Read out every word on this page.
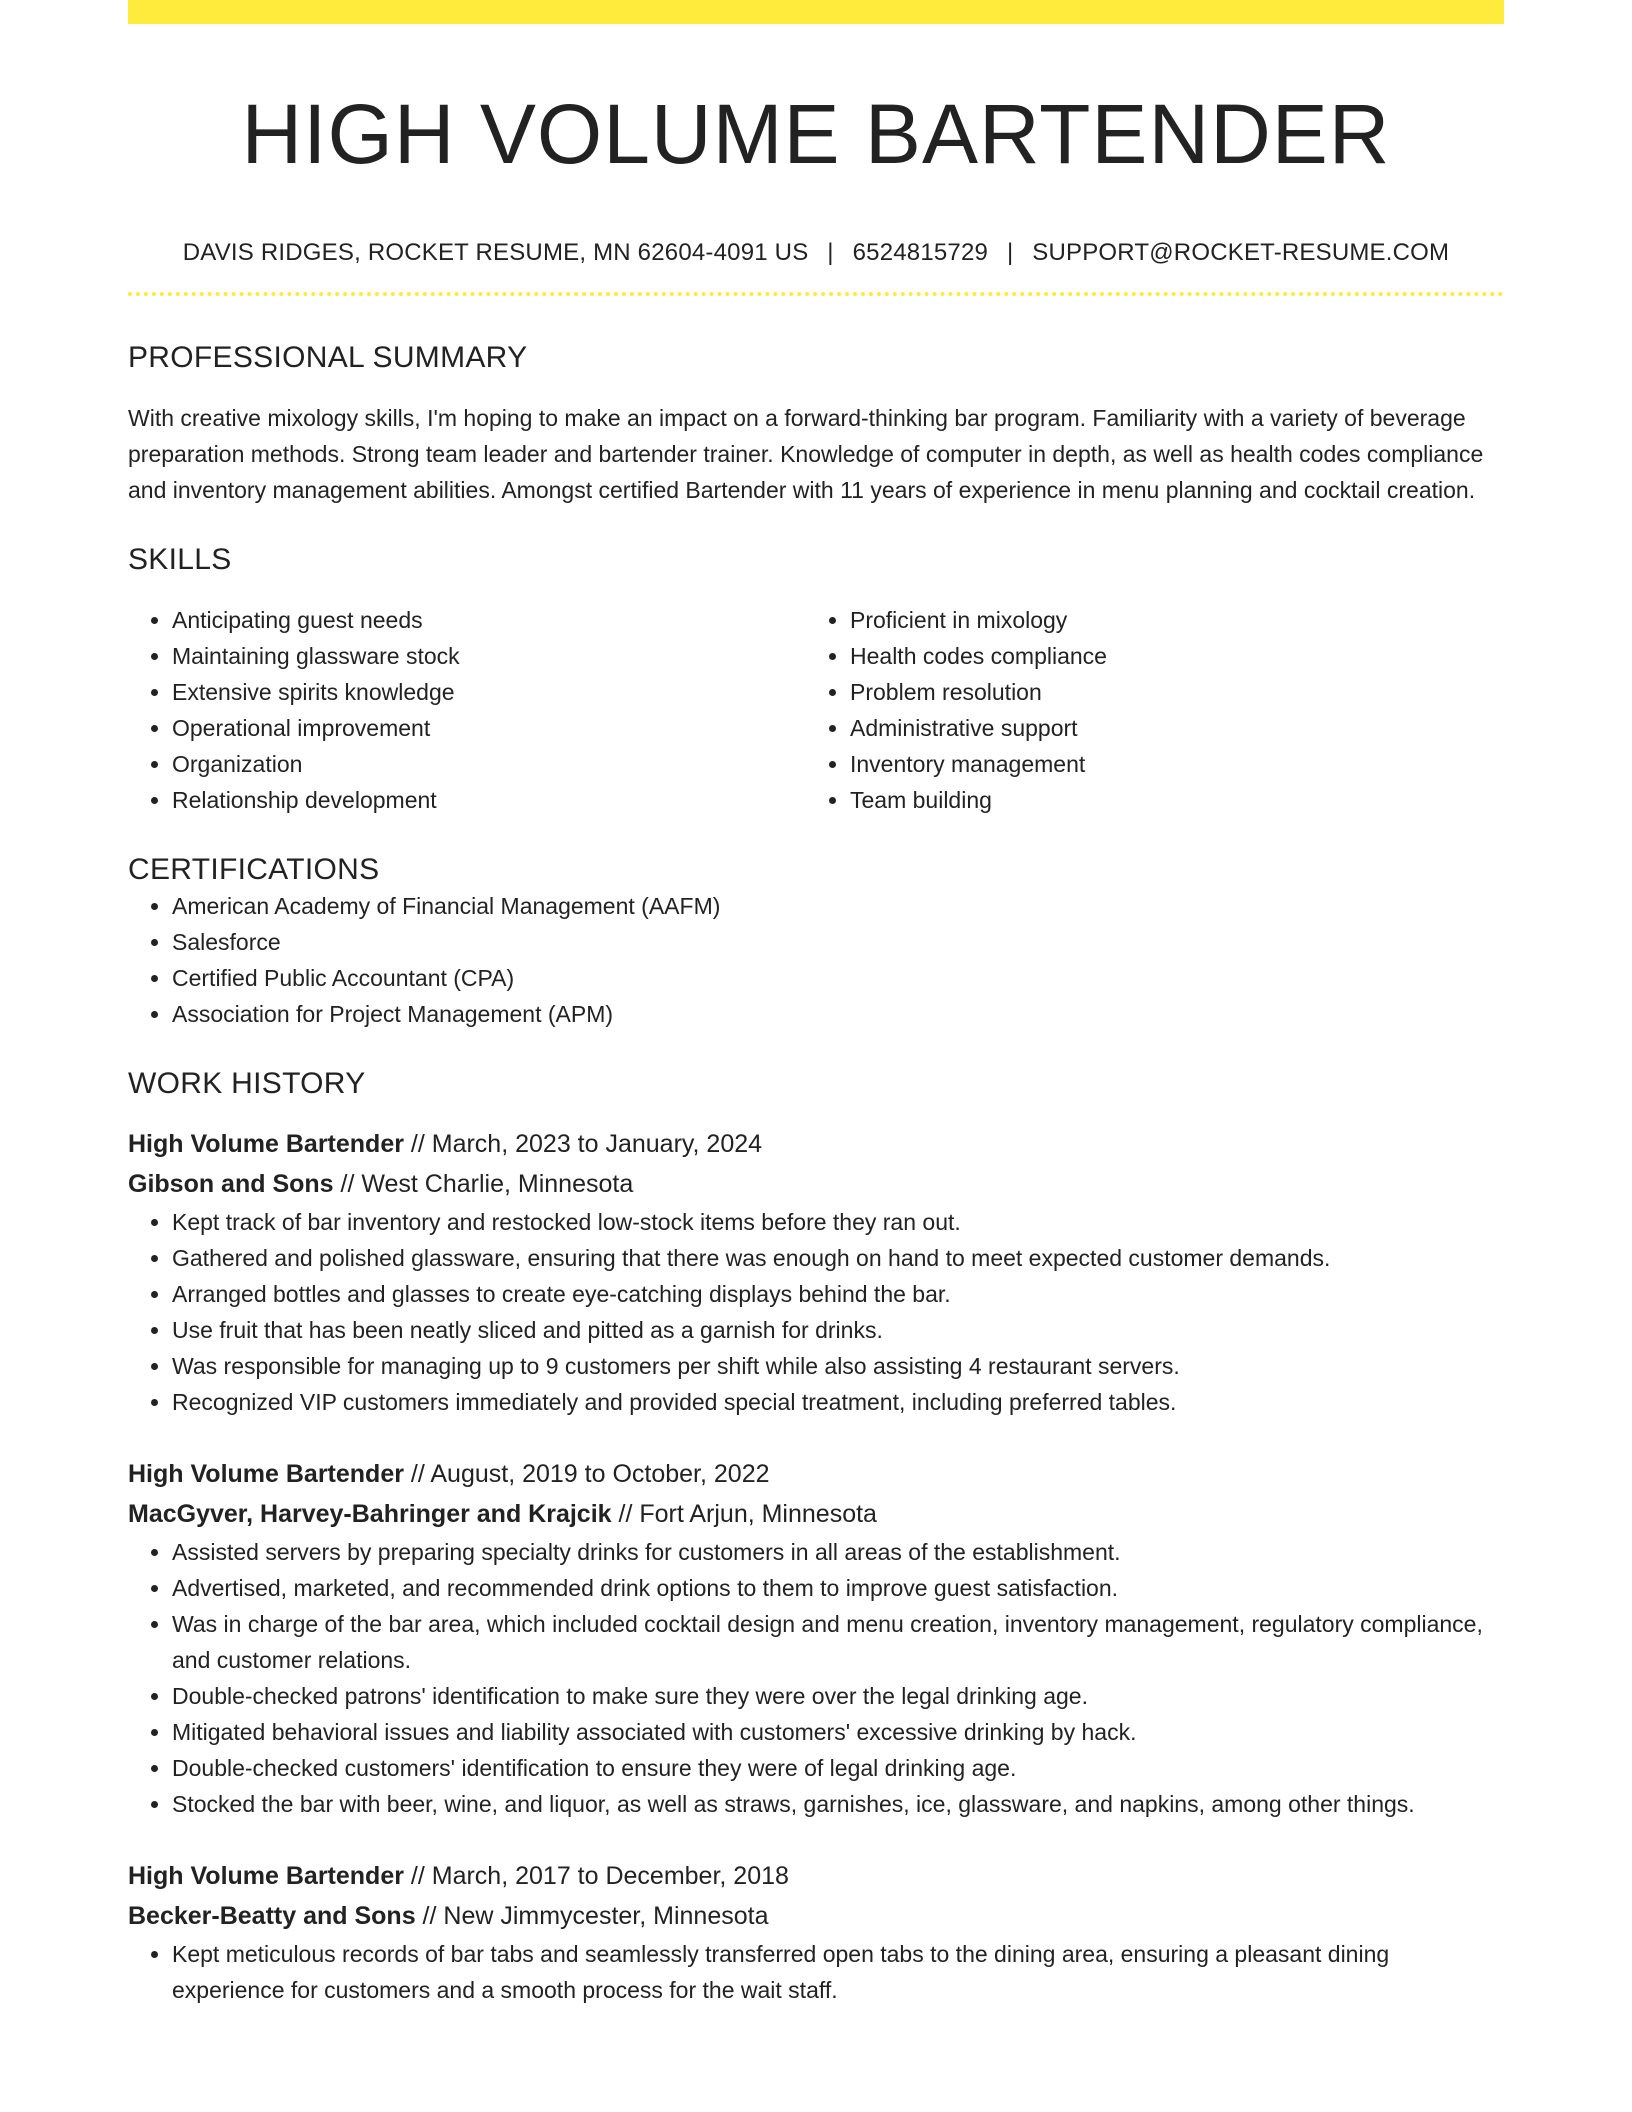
HIGH VOLUME BARTENDER
DAVIS RIDGES, ROCKET RESUME, MN 62604-4091 US | 6524815729 | SUPPORT@ROCKET-RESUME.COM
PROFESSIONAL SUMMARY

With creative mixology skills, I'm hoping to make an impact on a forward-thinking bar program. Familiarity with a variety of beverage preparation methods. Strong team leader and bartender trainer. Knowledge of computer in depth, as well as health codes compliance and inventory management abilities. Amongst certified Bartender with 11 years of experience in menu planning and cocktail creation.

SKILLS
• Anticipating guest needs
• Maintaining glassware stock
• Extensive spirits knowledge
• Operational improvement
• Organization
• Relationship development
• Proficient in mixology
• Health codes compliance
• Problem resolution
• Administrative support
• Inventory management
• Team building
CERTIFICATIONS
• American Academy of Financial Management (AAFM)
• Salesforce
• Certified Public Accountant (CPA)
• Association for Project Management (APM)
WORK HISTORY
High Volume Bartender // March, 2023 to January, 2024
Gibson and Sons // West Charlie, Minnesota
• Kept track of bar inventory and restocked low-stock items before they ran out.
• Gathered and polished glassware, ensuring that there was enough on hand to meet expected customer demands.
• Arranged bottles and glasses to create eye-catching displays behind the bar.
• Use fruit that has been neatly sliced and pitted as a garnish for drinks.
• Was responsible for managing up to 9 customers per shift while also assisting 4 restaurant servers.
• Recognized VIP customers immediately and provided special treatment, including preferred tables.
High Volume Bartender // August, 2019 to October, 2022
MacGyver, Harvey-Bahringer and Krajcik // Fort Arjun, Minnesota
• Assisted servers by preparing specialty drinks for customers in all areas of the establishment.
• Advertised, marketed, and recommended drink options to them to improve guest satisfaction.
• Was in charge of the bar area, which included cocktail design and menu creation, inventory management, regulatory compliance, and customer relations.
• Double-checked patrons' identification to make sure they were over the legal drinking age.
• Mitigated behavioral issues and liability associated with customers' excessive drinking by hack.
• Double-checked customers' identification to ensure they were of legal drinking age.
• Stocked the bar with beer, wine, and liquor, as well as straws, garnishes, ice, glassware, and napkins, among other things.
High Volume Bartender // March, 2017 to December, 2018
Becker-Beatty and Sons // New Jimmycester, Minnesota
• Kept meticulous records of bar tabs and seamlessly transferred open tabs to the dining area, ensuring a pleasant dining experience for customers and a smooth process for the wait staff.
